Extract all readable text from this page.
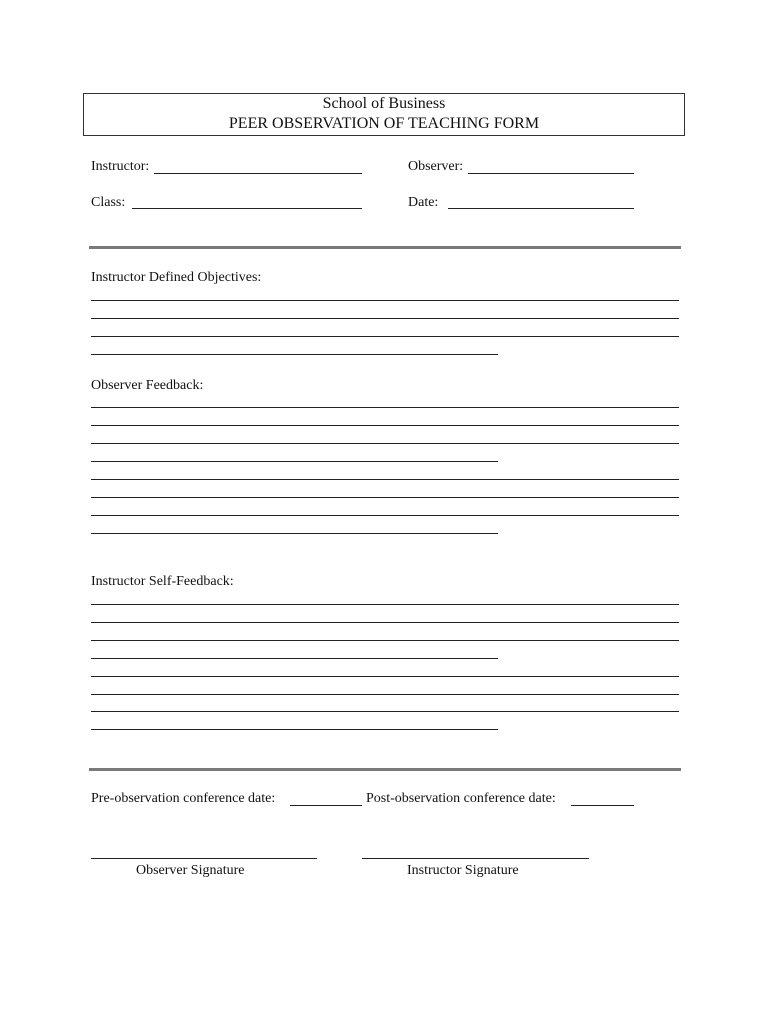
School of Business
PEER OBSERVATION OF TEACHING FORM
Instructor:	Observer:
Class:	Date:
Instructor Defined Objectives:
Observer Feedback:
Instructor Self-Feedback:
Pre-observation conference date:	Post-observation conference date:
Observer Signature	Instructor Signature
